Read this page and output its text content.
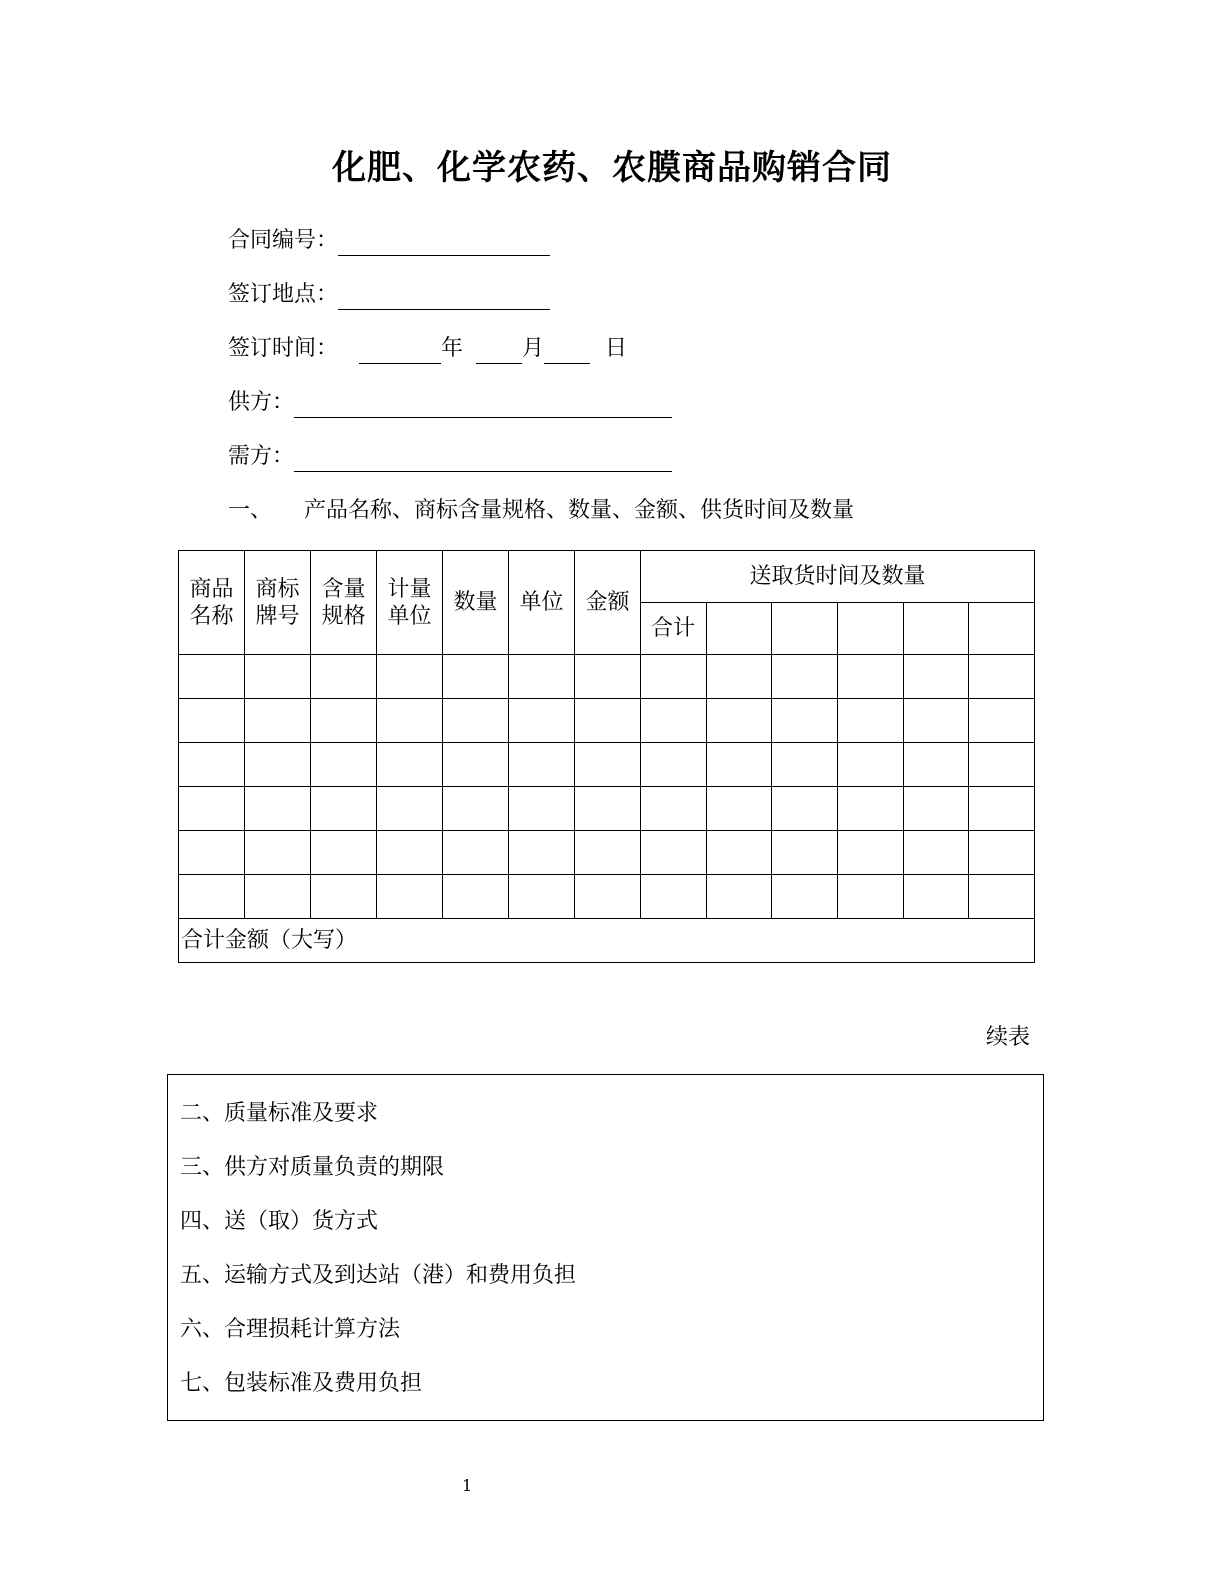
化肥、化学农药、农膜商品购销合同
合同编号：
签订地点：
签订时间：	年	月	日
供方：
需方：
一、 产品名称、商标含量规格、数量、金额、供货时间及数量
商品名称	商标牌号	含量规格	计量单位	数量	单位	金额	送取货时间及数量					
							合计					

合计金额（大写）												
续表
二、质量标准及要求
三、供方对质量负责的期限
四、送（取）货方式
五、运输方式及到达站（港）和费用负担
六、合理损耗计算方法
七、包装标准及费用负担
1
